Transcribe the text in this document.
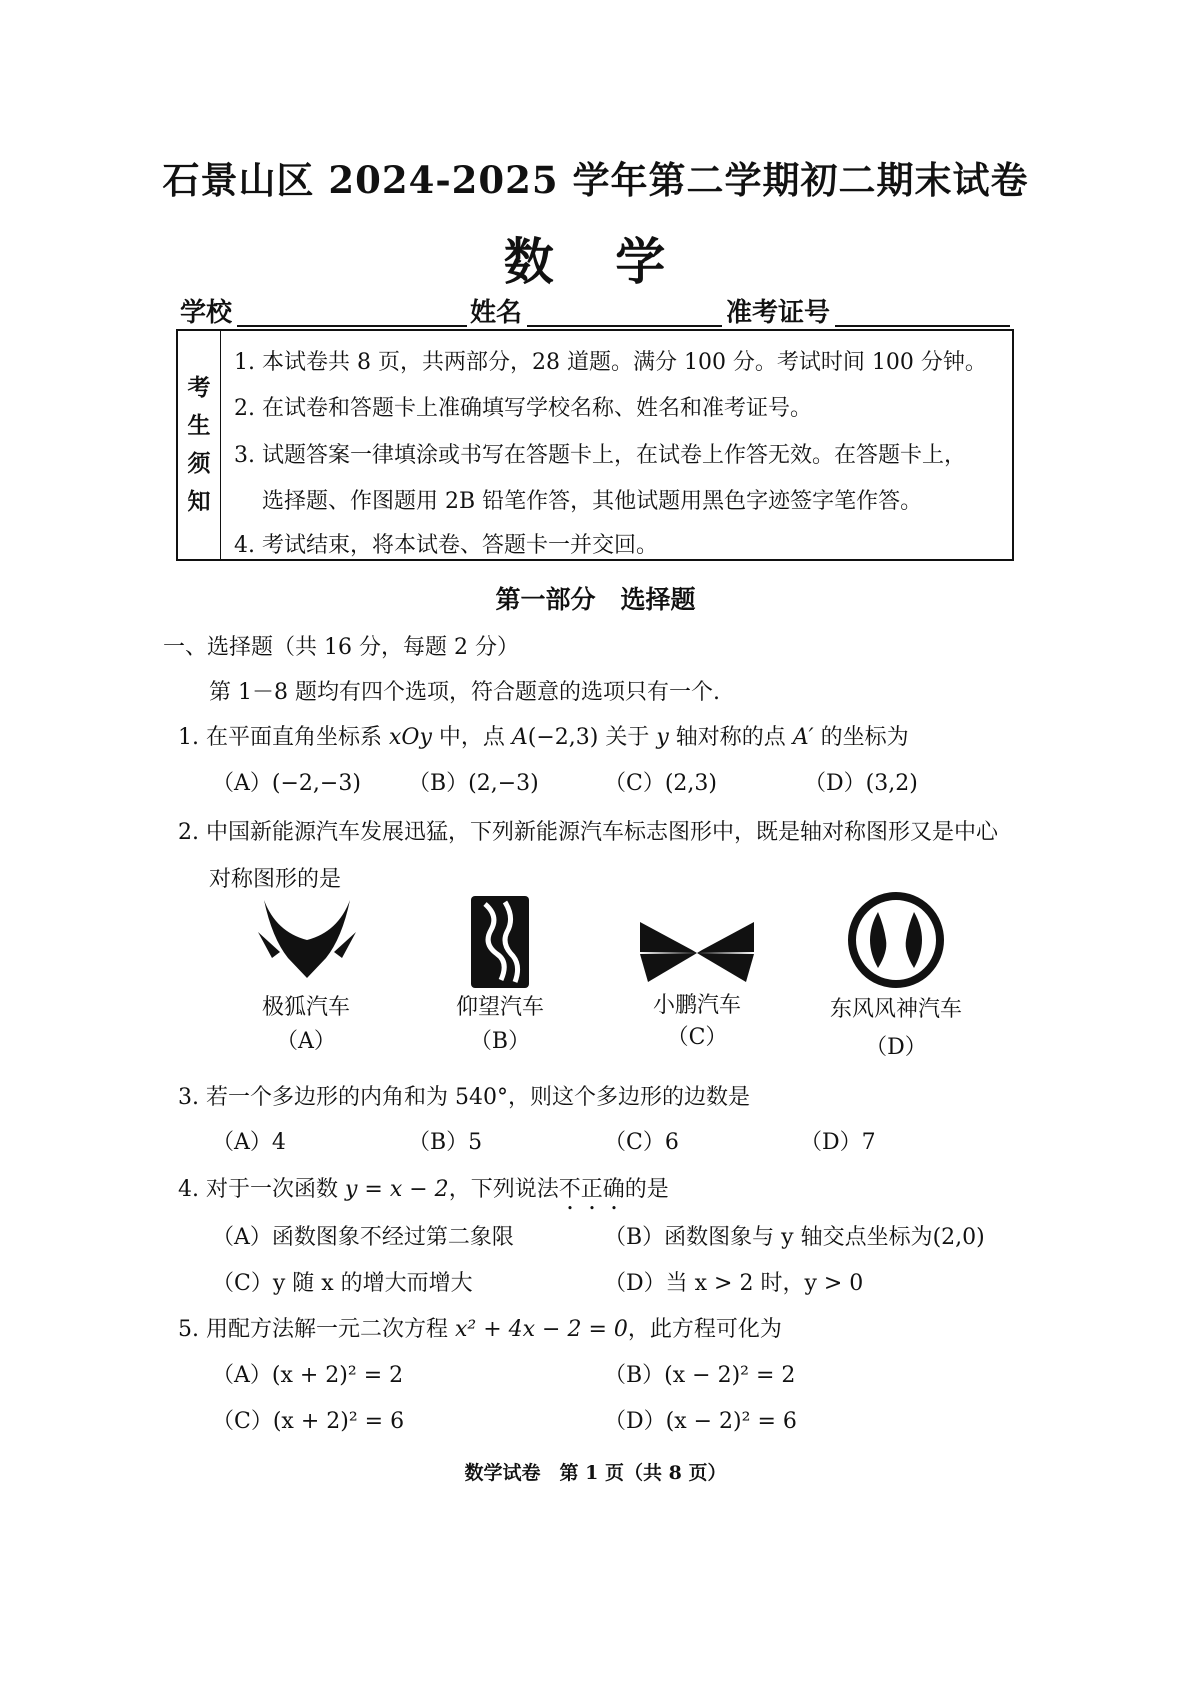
石景山区 2024-2025 学年第二学期初二期末试卷
数 学
学校	姓名	准考证号
考
生
须
知
1. 本试卷共 8 页，共两部分，28 道题。满分 100 分。考试时间 100 分钟。
2. 在试卷和答题卡上准确填写学校名称、姓名和准考证号。
3. 试题答案一律填涂或书写在答题卡上，在试卷上作答无效。在答题卡上，
选择题、作图题用 2B 铅笔作答，其他试题用黑色字迹签字笔作答。
4. 考试结束，将本试卷、答题卡一并交回。
第一部分　选择题
一、选择题（共 16 分，每题 2 分）
第 1－8 题均有四个选项，符合题意的选项只有一个.
1. 在平面直角坐标系 xOy 中，点 A(−2,3) 关于 y 轴对称的点 A′ 的坐标为
（A）(−2,−3) （B）(2,−3)	（C）(2,3)	（D）(3,2)
2. 中国新能源汽车发展迅猛，下列新能源汽车标志图形中，既是轴对称图形又是中心
对称图形的是
极狐汽车
（A）
仰望汽车
（B）
小鹏汽车
（C）
东风风神汽车
（D）
3. 若一个多边形的内角和为 540°，则这个多边形的边数是
（A）4	（B）5	（C）6	（D）7
4. 对于一次函数 y = x − 2，下列说法不正确的是
（A）函数图象不经过第二象限	（B）函数图象与 y 轴交点坐标为(2,0)
（C）y 随 x 的增大而增大	（D）当 x > 2 时，y > 0
5. 用配方法解一元二次方程 x² + 4x − 2 = 0，此方程可化为
（A）(x + 2)² = 2	（B）(x − 2)² = 2
（C）(x + 2)² = 6	（D）(x − 2)² = 6
数学试卷　第 1 页（共 8 页）
